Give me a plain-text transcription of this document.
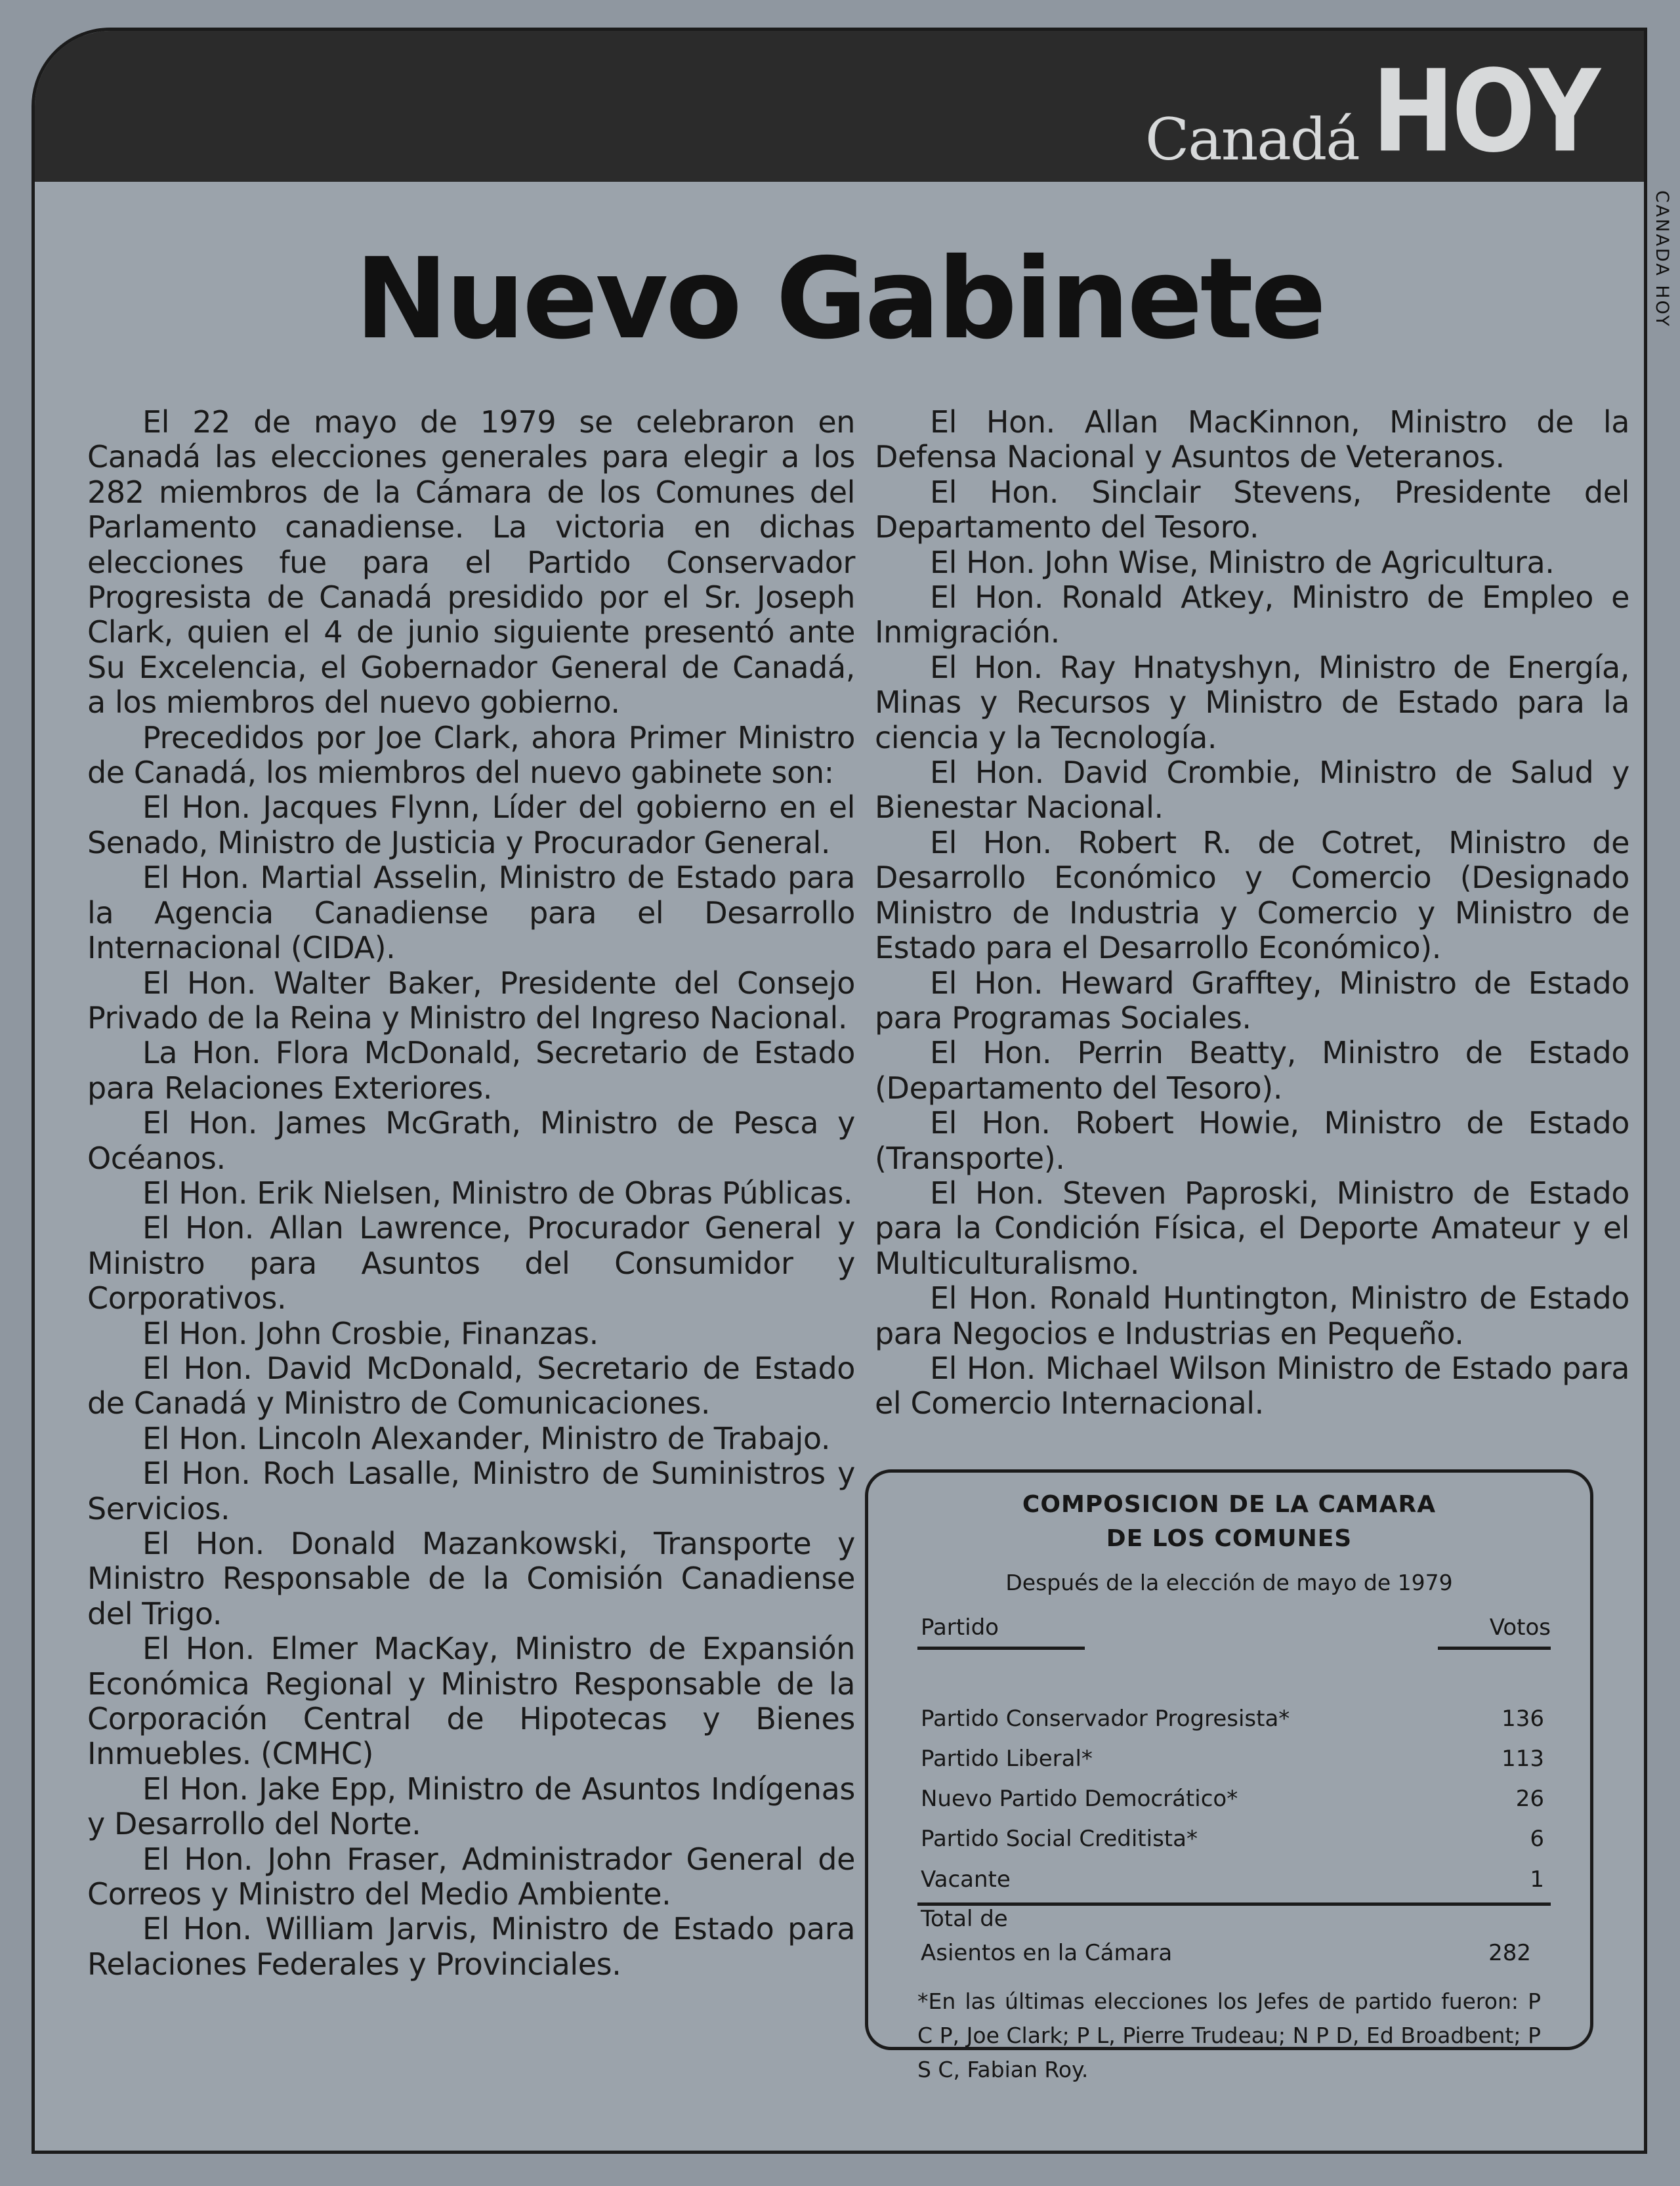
Canadá HOY
Nuevo Gabinete

El 22 de mayo de 1979 se celebraron en Canadá las elecciones generales para elegir a los 282 miembros de la Cámara de los Comunes del Parlamento canadiense. La victoria en dichas elecciones fue para el Partido Conservador Progresista de Canadá presidido por el Sr. Joseph Clark, quien el 4 de junio siguiente presentó ante Su Excelencia, el Gobernador General de Canadá, a los miembros del nuevo gobierno.

Precedidos por Joe Clark, ahora Primer Ministro de Canadá, los miembros del nuevo gabinete son:

El Hon. Jacques Flynn, Líder del gobierno en el Senado, Ministro de Justicia y Procurador General.

El Hon. Martial Asselin, Ministro de Estado para la Agencia Canadiense para el Desarrollo Internacional (CIDA).

El Hon. Walter Baker, Presidente del Consejo Privado de la Reina y Ministro del Ingreso Nacional.

La Hon. Flora McDonald, Secretario de Estado para Relaciones Exteriores.

El Hon. James McGrath, Ministro de Pesca y Océanos.

El Hon. Erik Nielsen, Ministro de Obras Públicas.

El Hon. Allan Lawrence, Procurador General y Ministro para Asuntos del Consumidor y Corporativos.

El Hon. John Crosbie, Finanzas.

El Hon. David McDonald, Secretario de Estado de Canadá y Ministro de Comunicaciones.

El Hon. Lincoln Alexander, Ministro de Trabajo.

El Hon. Roch Lasalle, Ministro de Suministros y Servicios.

El Hon. Donald Mazankowski, Transporte y Ministro Responsable de la Comisión Canadiense del Trigo.

El Hon. Elmer MacKay, Ministro de Expansión Económica Regional y Ministro Responsable de la Corporación Central de Hipotecas y Bienes Inmuebles. (CMHC)

El Hon. Jake Epp, Ministro de Asuntos Indígenas y Desarrollo del Norte.

El Hon. John Fraser, Administrador General de Correos y Ministro del Medio Ambiente.

El Hon. William Jarvis, Ministro de Estado para Relaciones Federales y Provinciales.

El Hon. Allan MacKinnon, Ministro de la Defensa Nacional y Asuntos de Veteranos.

El Hon. Sinclair Stevens, Presidente del Departamento del Tesoro.

El Hon. John Wise, Ministro de Agricultura.

El Hon. Ronald Atkey, Ministro de Empleo e Inmigración.

El Hon. Ray Hnatyshyn, Ministro de Energía, Minas y Recursos y Ministro de Estado para la ciencia y la Tecnología.

El Hon. David Crombie, Ministro de Salud y Bienestar Nacional.

El Hon. Robert R. de Cotret, Ministro de Desarrollo Económico y Comercio (Designado Ministro de Industria y Comercio y Ministro de Estado para el Desarrollo Económico).

El Hon. Heward Grafftey, Ministro de Estado para Programas Sociales.

El Hon. Perrin Beatty, Ministro de Estado (Departamento del Tesoro).

El Hon. Robert Howie, Ministro de Estado (Transporte).

El Hon. Steven Paproski, Ministro de Estado para la Condición Física, el Deporte Amateur y el Multiculturalismo.

El Hon. Ronald Huntington, Ministro de Estado para Negocios e Industrias en Pequeño.

El Hon. Michael Wilson Ministro de Estado para el Comercio Internacional.

COMPOSICION DE LA CAMARA
DE LOS COMUNES
Después de la elección de mayo de 1979
Partido	Votos
Partido Conservador Progresista*	136
Partido Liberal*	113
Nuevo Partido Democrático*	26
Partido Social Creditista*	6
Vacante	1
Total de
Asientos en la Cámara	282
*En las últimas elecciones los Jefes de partido fueron: P C P, Joe Clark; P L, Pierre Trudeau; N P D, Ed Broadbent; P S C, Fabian Roy.
CANADA HOY
